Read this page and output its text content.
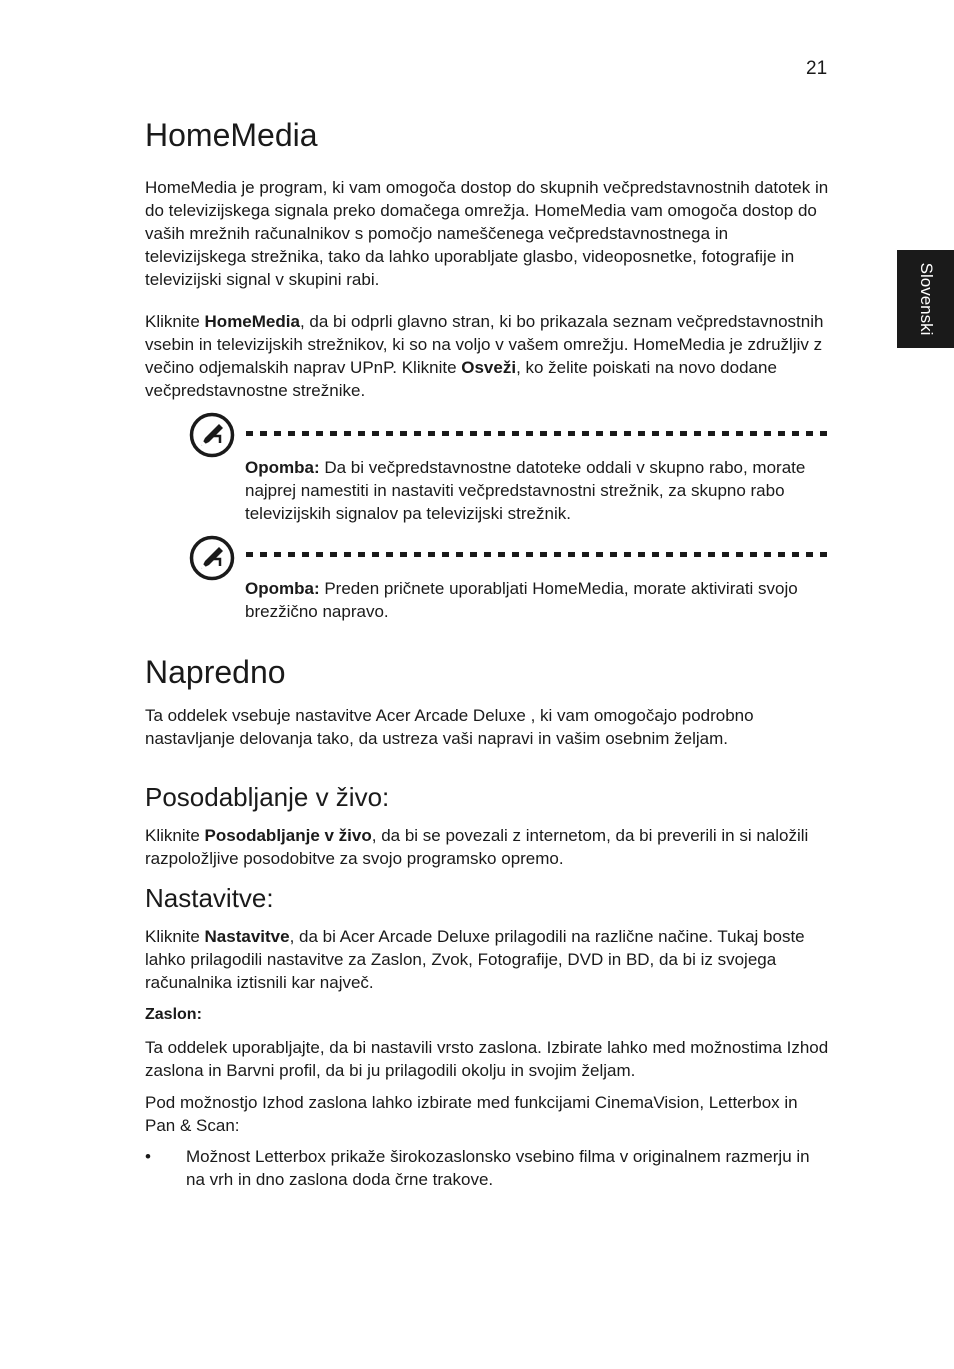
21
Slovenski
HomeMedia

HomeMedia je program, ki vam omogoča dostop do skupnih večpredstavnostnih datotek in do televizijskega signala preko domačega omrežja. HomeMedia vam omogoča dostop do vaših mrežnih računalnikov s pomočjo nameščenega večpredstavnostnega in televizijskega strežnika, tako da lahko uporabljate glasbo, videoposnetke, fotografije in televizijski signal v skupini rabi.

Kliknite HomeMedia, da bi odprli glavno stran, ki bo prikazala seznam večpredstavnostnih vsebin in televizijskih strežnikov, ki so na voljo v vašem omrežju. HomeMedia je združljiv z večino odjemalskih naprav UPnP. Kliknite Osveži, ko želite poiskati na novo dodane večpredstavnostne strežnike.

Opomba: Da bi večpredstavnostne datoteke oddali v skupno rabo, morate najprej namestiti in nastaviti večpredstavnostni strežnik, za skupno rabo televizijskih signalov pa televizijski strežnik.

Opomba: Preden pričnete uporabljati HomeMedia, morate aktivirati svojo brezžično napravo.

Napredno

Ta oddelek vsebuje nastavitve Acer Arcade Deluxe , ki vam omogočajo podrobno nastavljanje delovanja tako, da ustreza vaši napravi in vašim osebnim željam.

Posodabljanje v živo:

Kliknite Posodabljanje v živo, da bi se povezali z internetom, da bi preverili in si naložili razpoložljive posodobitve za svojo programsko opremo.

Nastavitve:

Kliknite Nastavitve, da bi Acer Arcade Deluxe prilagodili na različne načine. Tukaj boste lahko prilagodili nastavitve za Zaslon, Zvok, Fotografije, DVD in BD, da bi iz svojega računalnika iztisnili kar največ.

Zaslon:

Ta oddelek uporabljajte, da bi nastavili vrsto zaslona. Izbirate lahko med možnostima Izhod zaslona in Barvni profil, da bi ju prilagodili okolju in svojim željam.

Pod možnostjo Izhod zaslona lahko izbirate med funkcijami CinemaVision, Letterbox in Pan & Scan:

• Možnost Letterbox prikaže širokozaslonsko vsebino filma v originalnem razmerju in na vrh in dno zaslona doda črne trakove.
